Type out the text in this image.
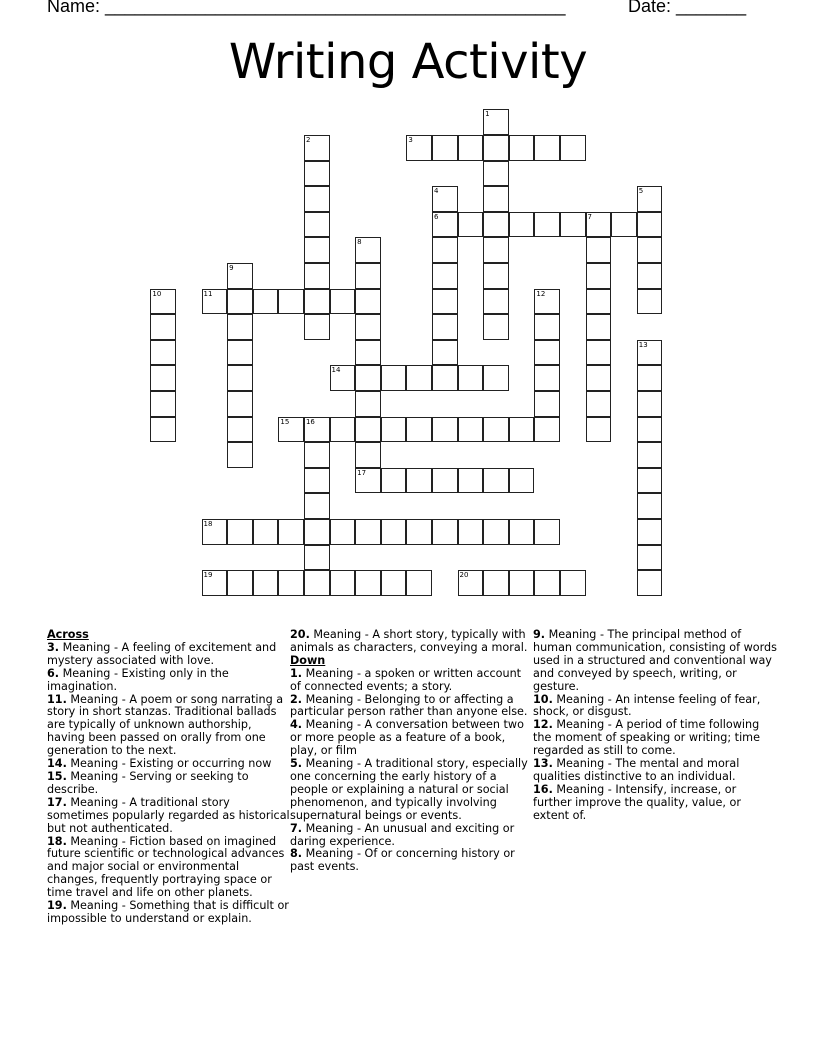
Name: ______________________________________________	Date: _______
Writing Activity
1
2	3
4
6
5
7
8
17
9
10	11	12
13
14
15 16
18
19	20
Across
3. Meaning - A feeling of excitement and mystery associated with love.
6. Meaning - Existing only in the imagination.
11. Meaning - A poem or song narrating a story in short stanzas. Traditional ballads are typically of unknown authorship, having been passed on orally from one generation to the next.
14. Meaning - Existing or occurring now
15. Meaning - Serving or seeking to describe.
17. Meaning - A traditional story sometimes popularly regarded as historical but not authenticated.
18. Meaning - Fiction based on imagined future scientific or technological advances and major social or environmental changes, frequently portraying space or time travel and life on other planets.
19. Meaning - Something that is difficult or impossible to understand or explain.
20. Meaning - A short story, typically with animals as characters, conveying a moral.
Down
1. Meaning - a spoken or written account of connected events; a story.
2. Meaning - Belonging to or affecting a particular person rather than anyone else.
4. Meaning - A conversation between two or more people as a feature of a book, play, or film
5. Meaning - A traditional story, especially one concerning the early history of a people or explaining a natural or social phenomenon, and typically involving supernatural beings or events.
7. Meaning - An unusual and exciting or daring experience.
8. Meaning - Of or concerning history or past events.
9. Meaning - The principal method of human communication, consisting of words used in a structured and conventional way and conveyed by speech, writing, or gesture.
10. Meaning - An intense feeling of fear, shock, or disgust.
12. Meaning - A period of time following the moment of speaking or writing; time regarded as still to come.
13. Meaning - The mental and moral qualities distinctive to an individual.
16. Meaning - Intensify, increase, or further improve the quality, value, or extent of.
